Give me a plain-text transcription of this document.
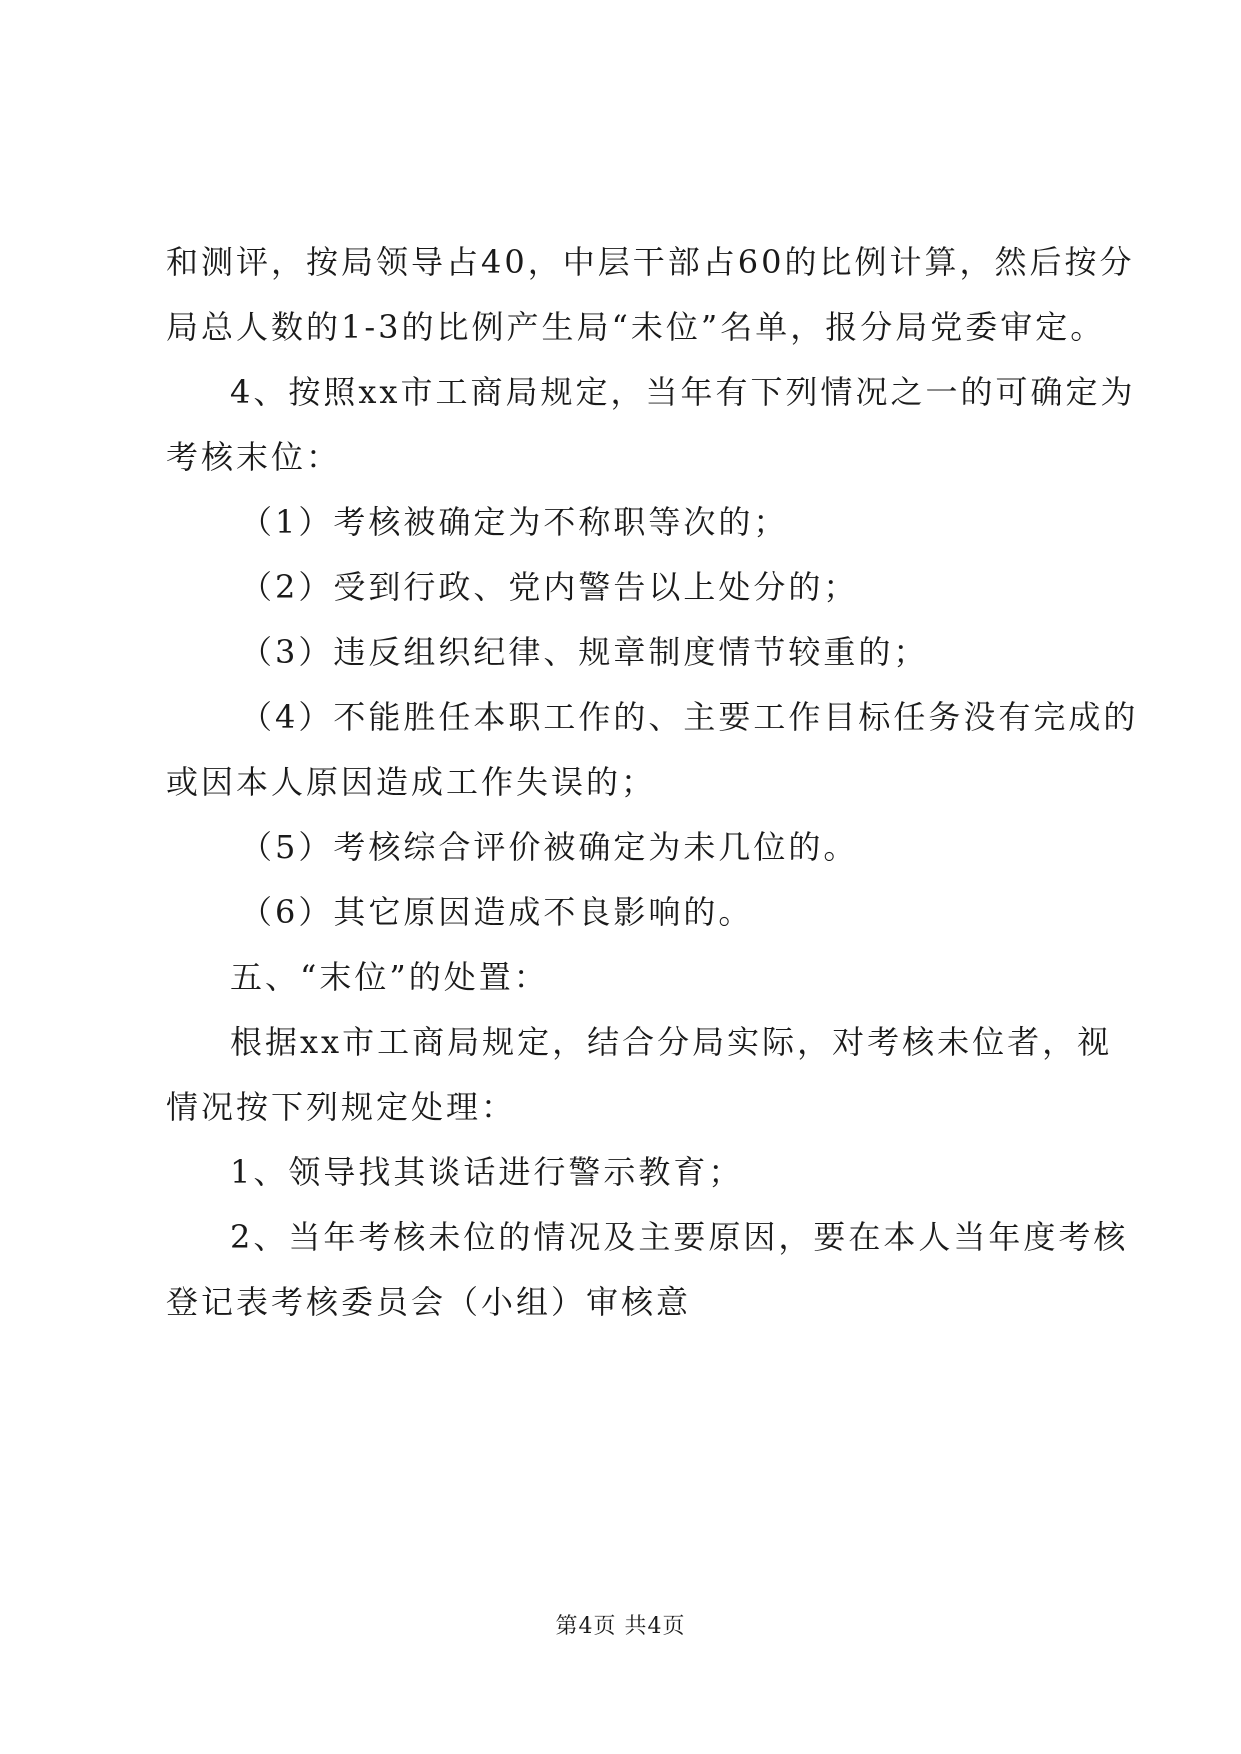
和测评，按局领导占40，中层干部占60的比例计算，然后按分
局总人数的1-3的比例产生局“未位”名单，报分局党委审定。
4、按照xx市工商局规定，当年有下列情况之一的可确定为
考核末位：
（1）考核被确定为不称职等次的；
（2）受到行政、党内警告以上处分的；
（3）违反组织纪律、规章制度情节较重的；
（4）不能胜任本职工作的、主要工作目标任务没有完成的
或因本人原因造成工作失误的；
（5）考核综合评价被确定为未几位的。
（6）其它原因造成不良影响的。
五、“末位”的处置：
根据xx市工商局规定，结合分局实际，对考核未位者，视
情况按下列规定处理：
1、领导找其谈话进行警示教育；
2、当年考核未位的情况及主要原因，要在本人当年度考核
登记表考核委员会（小组）审核意
第4页 共4页
